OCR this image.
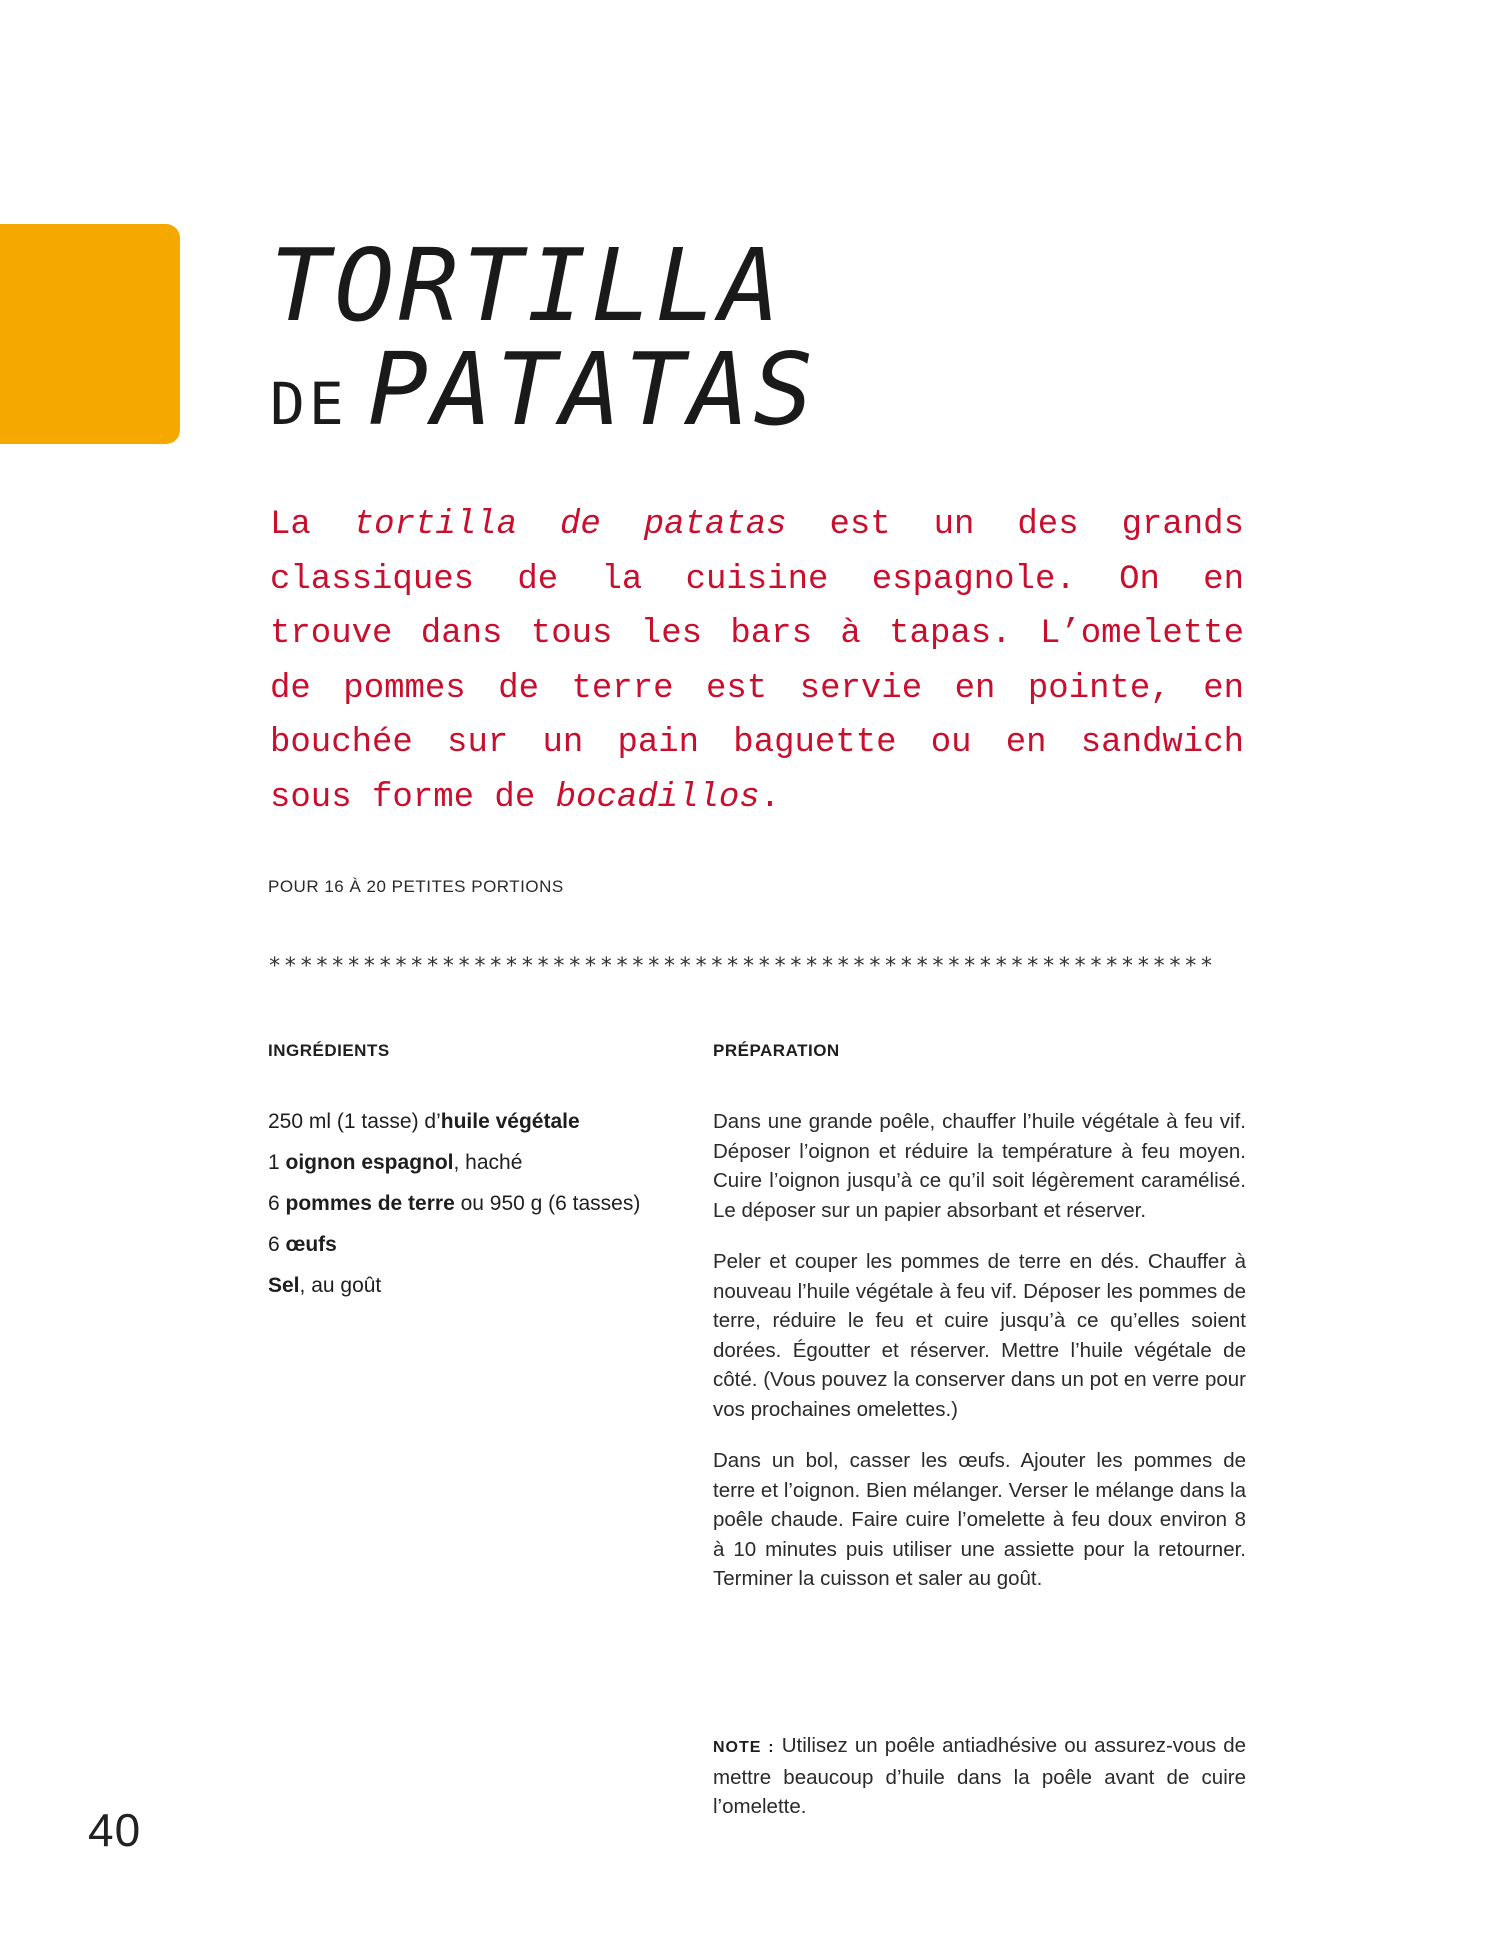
TORTILLA
DE PATATAS

La tortilla de patatas est un des grands classiques de la cuisine espagnole. On en trouve dans tous les bars à tapas. L’omelette de pommes de terre est servie en pointe, en bouchée sur un pain baguette ou en sandwich sous forme de bocadillos.

POUR 16 À 20 PETITES PORTIONS
************************************************************
INGRÉDIENTS	PRÉPARATION
250 ml (1 tasse) d’huile végétale
1 oignon espagnol, haché
6 pommes de terre ou 950 g (6 tasses)
6 œufs
Sel, au goût

Dans une grande poêle, chauffer l’huile végétale à feu vif. Déposer l’oignon et réduire la température à feu moyen. Cuire l’oignon jusqu’à ce qu’il soit légèrement caramélisé. Le déposer sur un papier absorbant et réserver.

Peler et couper les pommes de terre en dés. Chauffer à nouveau l’huile végétale à feu vif. Déposer les pommes de terre, réduire le feu et cuire jusqu’à ce qu’elles soient dorées. Égoutter et réserver. Mettre l’huile végétale de côté. (Vous pouvez la conserver dans un pot en verre pour vos prochaines omelettes.)

Dans un bol, casser les œufs. Ajouter les pommes de terre et l’oignon. Bien mélanger. Verser le mélange dans la poêle chaude. Faire cuire l’omelette à feu doux environ 8 à 10 minutes puis utiliser une assiette pour la retourner. Terminer la cuisson et saler au goût.

NOTE : Utilisez un poêle antiadhésive ou assurez-vous de mettre beaucoup d’huile dans la poêle avant de cuire l’omelette.

40
